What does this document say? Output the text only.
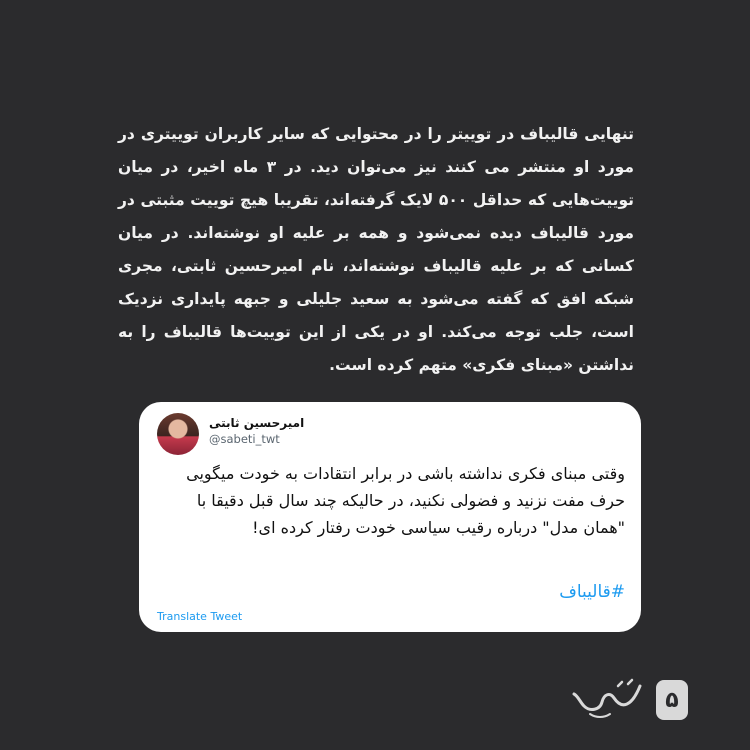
تنهایی قالیباف در توییتر را در محتوایی که سایر کاربران توییتری در مورد او منتشر می کنند نیز می‌توان دید. در ۳ ماه اخیر، در میان توییت‌هایی که حداقل ۵۰۰ لایک گرفته‌اند، تقریبا هیچ توییت مثبتی در مورد قالیباف دیده نمی‌شود و همه بر علیه او نوشته‌اند. در میان کسانی که بر علیه قالیباف نوشته‌اند، نام امیرحسین ثابتی، مجری شبکه افق که گفته می‌شود به سعید جلیلی و جبهه پایداری نزدیک است، جلب توجه می‌کند. او در یکی از این توییت‌ها قالیباف را به نداشتن «مبنای فکری» متهم کرده است.
امیرحسین ثابتی
@sabeti_twt
وقتی مبنای فکری نداشته باشی در برابر انتقادات به خودت میگویی حرف مفت نزنید و فضولی نکنید، در حالیکه چند سال قبل دقیقا با "همان مدل" درباره رقیب سیاسی خودت رفتار کرده ای!
#قالیباف
Translate Tweet
۵
